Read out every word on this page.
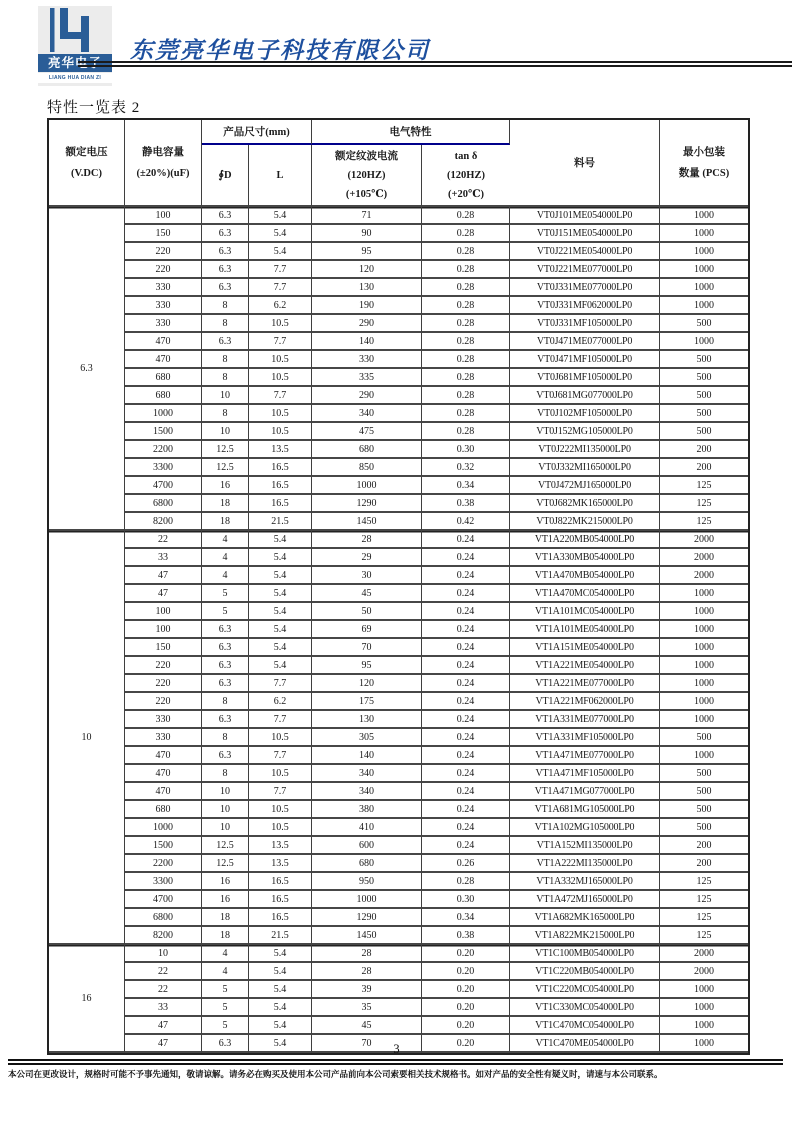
亮华电子
LIANG HUA DIAN ZI
东莞亮华电子科技有限公司
特性一览表 2
额定电压
(V.DC)

静电容量
(±20%)(uF)
	产品尺寸(mm)	电气特性	料号	
最小包装
数量 (PCS)

∮D	L	
额定纹波电流
(120HZ)
(+105℃)

tan δ
(120HZ)
(+20℃)

6.3	100	6.3	5.4	71	0.28	VT0J101ME054000LP0	1000
	150	6.3	5.4	90	0.28	VT0J151ME054000LP0	1000
	220	6.3	5.4	95	0.28	VT0J221ME054000LP0	1000
	220	6.3	7.7	120	0.28	VT0J221ME077000LP0	1000
	330	6.3	7.7	130	0.28	VT0J331ME077000LP0	1000
	330	8	6.2	190	0.28	VT0J331MF062000LP0	1000
	330	8	10.5	290	0.28	VT0J331MF105000LP0	500
	470	6.3	7.7	140	0.28	VT0J471ME077000LP0	1000
	470	8	10.5	330	0.28	VT0J471MF105000LP0	500
	680	8	10.5	335	0.28	VT0J681MF105000LP0	500
	680	10	7.7	290	0.28	VT0J681MG077000LP0	500
	1000	8	10.5	340	0.28	VT0J102MF105000LP0	500
	1500	10	10.5	475	0.28	VT0J152MG105000LP0	500
	2200	12.5	13.5	680	0.30	VT0J222MI135000LP0	200
	3300	12.5	16.5	850	0.32	VT0J332MI165000LP0	200
	4700	16	16.5	1000	0.34	VT0J472MJ165000LP0	125
	6800	18	16.5	1290	0.38	VT0J682MK165000LP0	125
	8200	18	21.5	1450	0.42	VT0J822MK215000LP0	125
10	22	4	5.4	28	0.24	VT1A220MB054000LP0	2000
	33	4	5.4	29	0.24	VT1A330MB054000LP0	2000
	47	4	5.4	30	0.24	VT1A470MB054000LP0	2000
	47	5	5.4	45	0.24	VT1A470MC054000LP0	1000
	100	5	5.4	50	0.24	VT1A101MC054000LP0	1000
	100	6.3	5.4	69	0.24	VT1A101ME054000LP0	1000
	150	6.3	5.4	70	0.24	VT1A151ME054000LP0	1000
	220	6.3	5.4	95	0.24	VT1A221ME054000LP0	1000
	220	6.3	7.7	120	0.24	VT1A221ME077000LP0	1000
	220	8	6.2	175	0.24	VT1A221MF062000LP0	1000
	330	6.3	7.7	130	0.24	VT1A331ME077000LP0	1000
	330	8	10.5	305	0.24	VT1A331MF105000LP0	500
	470	6.3	7.7	140	0.24	VT1A471ME077000LP0	1000
	470	8	10.5	340	0.24	VT1A471MF105000LP0	500
	470	10	7.7	340	0.24	VT1A471MG077000LP0	500
	680	10	10.5	380	0.24	VT1A681MG105000LP0	500
	1000	10	10.5	410	0.24	VT1A102MG105000LP0	500
	1500	12.5	13.5	600	0.24	VT1A152MI135000LP0	200
	2200	12.5	13.5	680	0.26	VT1A222MI135000LP0	200
	3300	16	16.5	950	0.28	VT1A332MJ165000LP0	125
	4700	16	16.5	1000	0.30	VT1A472MJ165000LP0	125
	6800	18	16.5	1290	0.34	VT1A682MK165000LP0	125
	8200	18	21.5	1450	0.38	VT1A822MK215000LP0	125
16	10	4	5.4	28	0.20	VT1C100MB054000LP0	2000
	22	4	5.4	28	0.20	VT1C220MB054000LP0	2000
	22	5	5.4	39	0.20	VT1C220MC054000LP0	1000
	33	5	5.4	35	0.20	VT1C330MC054000LP0	1000
	47	5	5.4	45	0.20	VT1C470MC054000LP0	1000
	47	6.3	5.4	70	0.20	VT1C470ME054000LP0	1000
3
本公司在更改设计，规格时可能不予事先通知，敬请谅解。请务必在购买及使用本公司产品前向本公司索要相关技术规格书。如对产品的安全性有疑义时，请速与本公司联系。
